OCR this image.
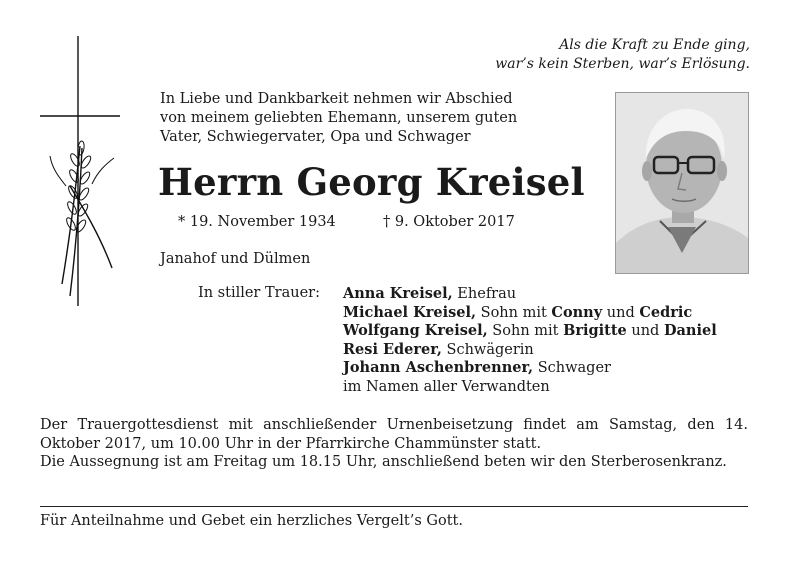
Als die Kraft zu Ende ging,
war’s kein Sterben, war’s Erlösung.
In Liebe und Dankbarkeit nehmen wir Abschied
von meinem geliebten Ehemann, unserem guten
Vater, Schwiegervater, Opa und Schwager
Herrn Georg Kreisel
* 19. November 1934	† 9. Oktober 2017
Janahof und Dülmen
In stiller Trauer: Anna Kreisel, Ehefrau
Michael Kreisel, Sohn mit Conny und Cedric
Wolfgang Kreisel, Sohn mit Brigitte und Daniel
Resi Ederer, Schwägerin
Johann Aschenbrenner, Schwager
im Namen aller Verwandten
Der Trauergottesdienst mit anschließender Urnenbeisetzung findet am Samstag, den 14. Oktober 2017, um 10.00 Uhr in der Pfarrkirche Chammünster statt.
Die Aussegnung ist am Freitag um 18.15 Uhr, anschließend beten wir den Sterberosenkranz.
Für Anteilnahme und Gebet ein herzliches Vergelt’s Gott.
